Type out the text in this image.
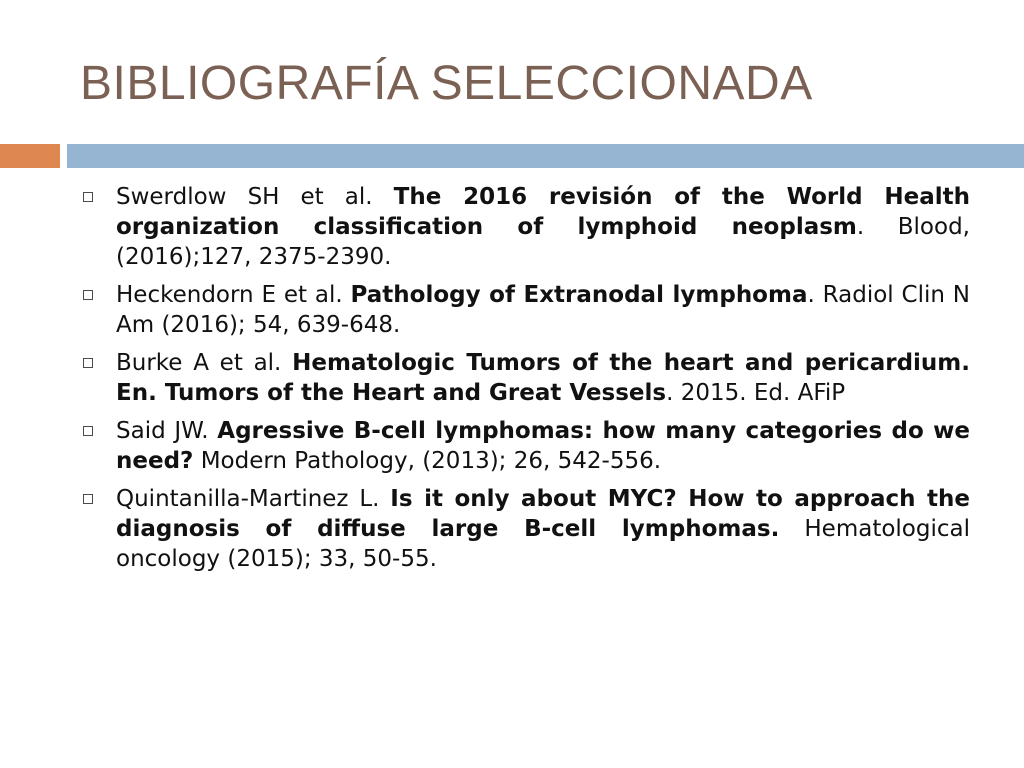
BIBLIOGRAFÍA SELECCIONADA
Swerdlow SH et al. The 2016 revisión of the World Health organization classification of lymphoid neoplasm. Blood, (2016);127, 2375-2390.
Heckendorn E et al. Pathology of Extranodal lymphoma. Radiol Clin N Am (2016); 54, 639-648.
Burke A et al. Hematologic Tumors of the heart and pericardium. En. Tumors of the Heart and Great Vessels. 2015. Ed. AFiP
Said JW. Agressive B-cell lymphomas: how many categories do we need? Modern Pathology, (2013); 26, 542-556.
Quintanilla-Martinez L. Is it only about MYC? How to approach the diagnosis of diffuse large B-cell lymphomas. Hematological oncology (2015); 33, 50-55.
